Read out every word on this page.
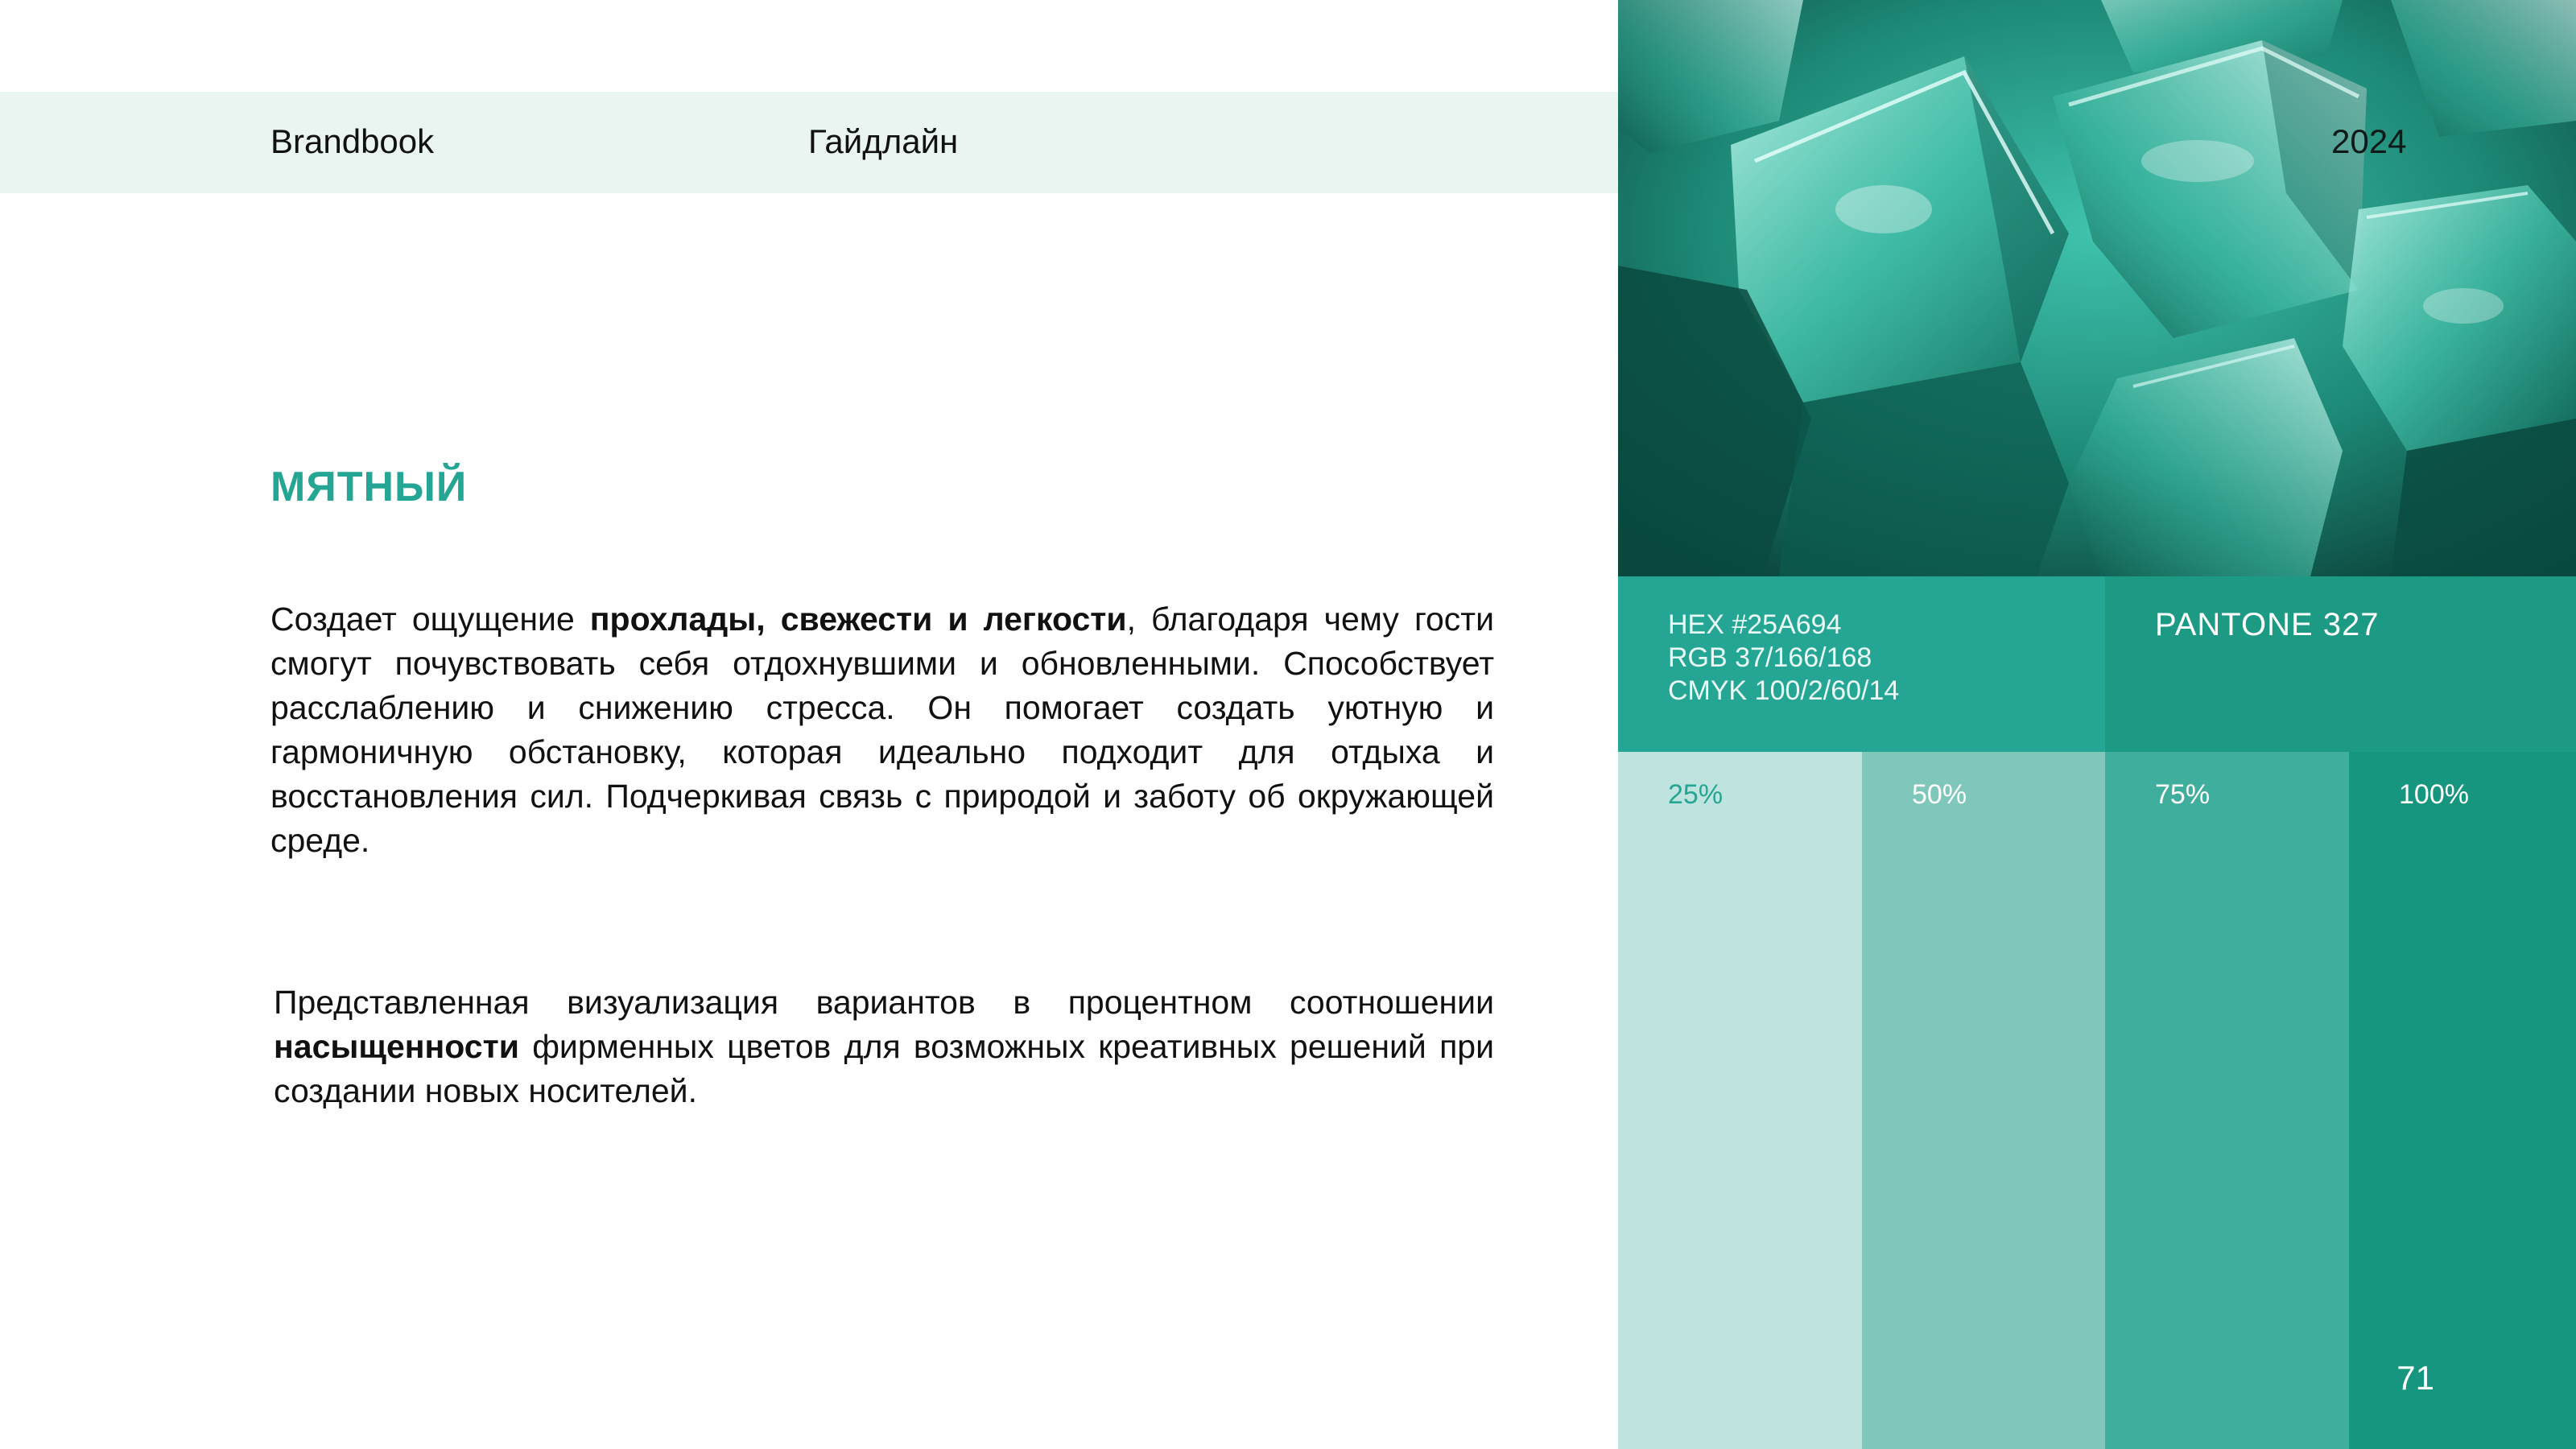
Brandbook	Гайдлайн
МЯТНЫЙ

Создает ощущение прохлады, свежести и легкости, благодаря чему гости смогут почувствовать себя отдохнувшими и обновленными. Способствует расслаблению и снижению стресса. Он помогает создать уютную и гармоничную обстановку, которая идеально подходит для отдыха и восстановления сил. Подчеркивая связь с природой и заботу об окружающей среде.

Представленная визуализация вариантов в процентном соотношении насыщенности фирменных цветов для возможных креативных решений при создании новых носителей.

2024
HEX #25A694
RGB 37/166/168
CMYK 100/2/60/14
PANTONE 327
25%	50%	75%	100%
71
